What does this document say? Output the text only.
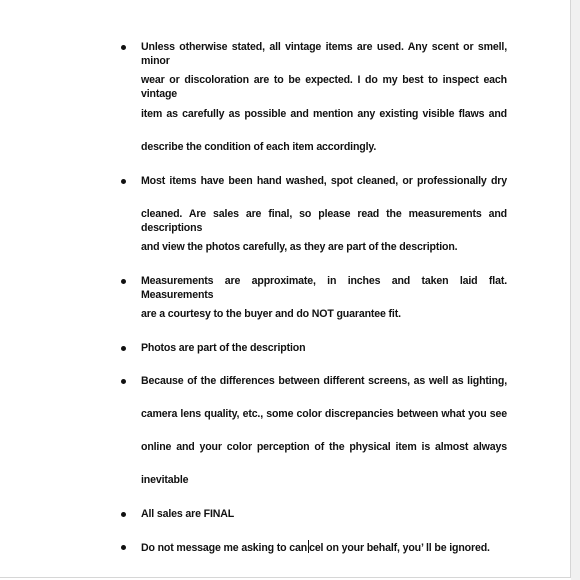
Unless otherwise stated, all vintage items are used. Any scent or smell, minor
wear or discoloration are to be expected. I do my best to inspect each vintage
item as carefully as possible and mention any existing visible flaws and
describe the condition of each item accordingly.
Most items have been hand washed, spot cleaned, or professionally dry
cleaned. Are sales are final, so please read the measurements and descriptions
and view the photos carefully, as they are part of the description.
Measurements are approximate, in inches and taken laid flat. Measurements
are a courtesy to the buyer and do NOT guarantee fit.
Photos are part of the description
Because of the differences between different screens, as well as lighting,
camera lens quality, etc., some color discrepancies between what you see
online and your color perception of the physical item is almost always
inevitable
All sales are FINAL
Do not message me asking to can cel on your behalf, you’ ll be ignored.
